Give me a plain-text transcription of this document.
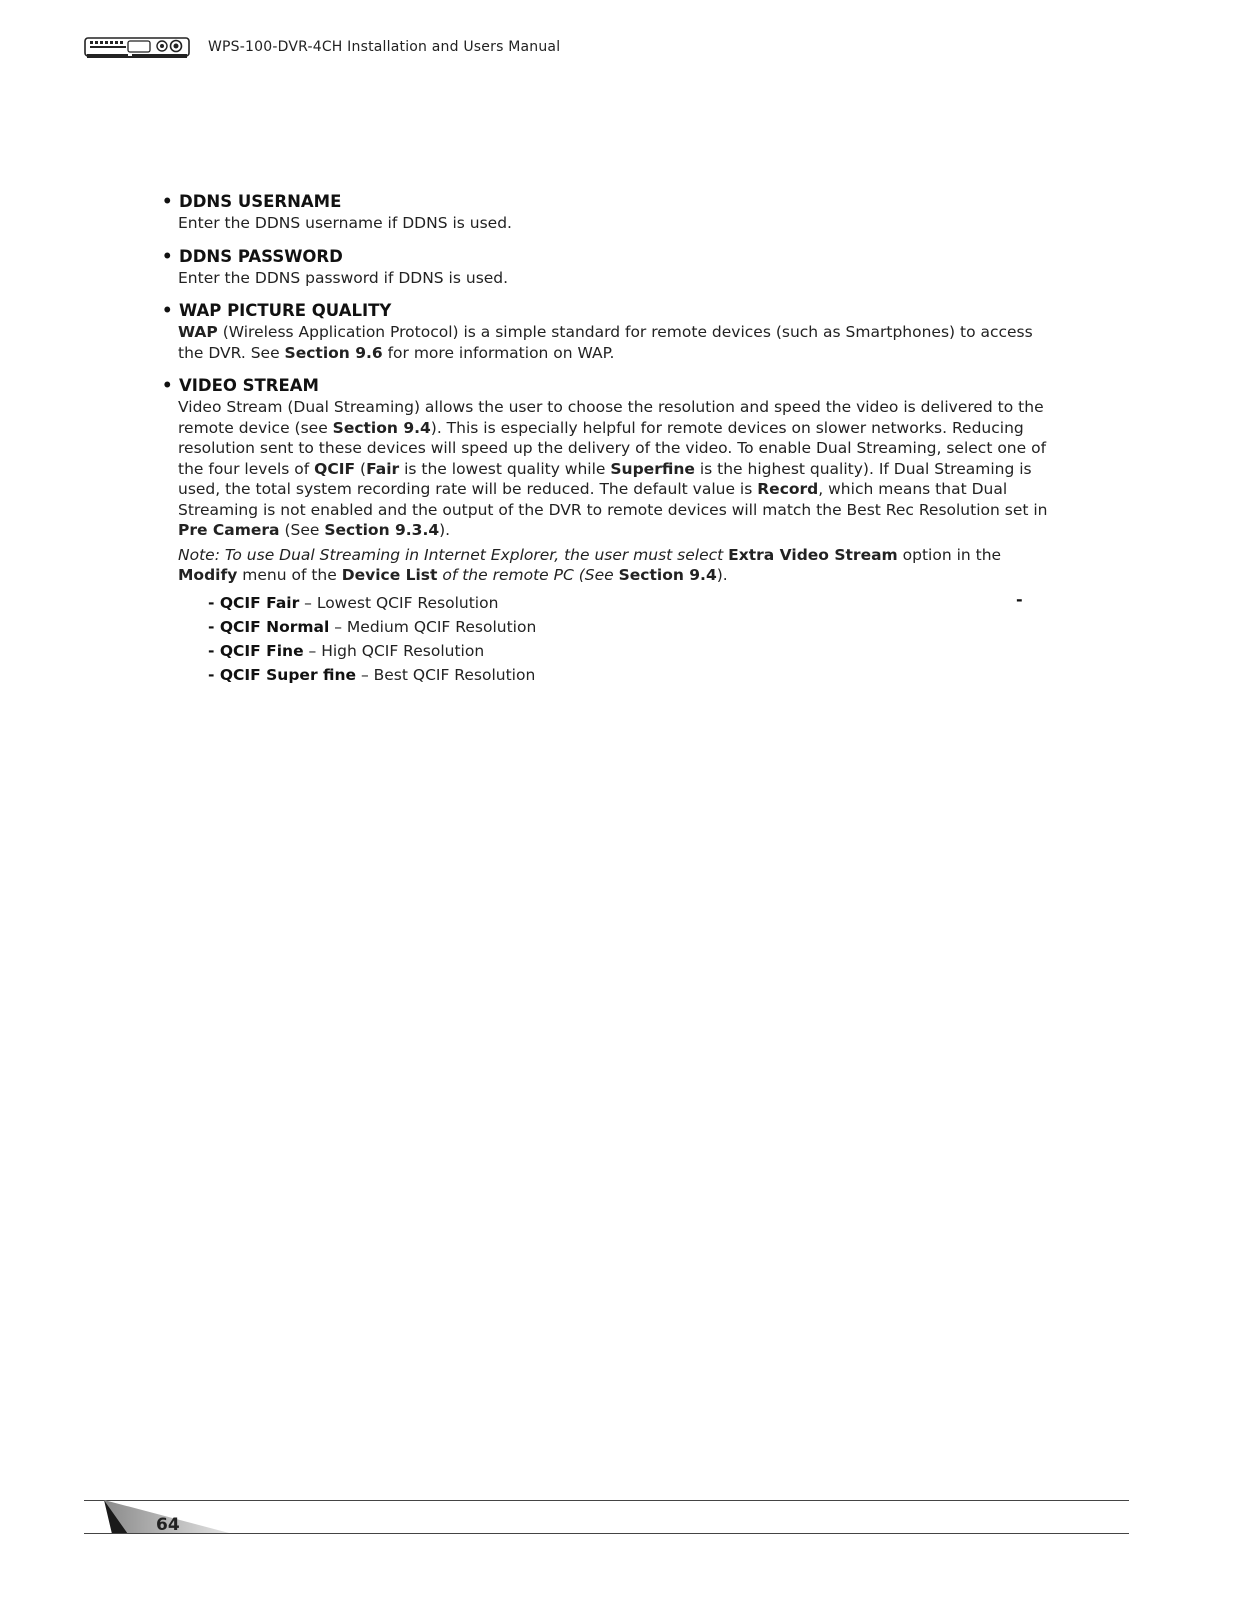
WPS-100-DVR-4CH Installation and Users Manual
• DDNS USERNAME
Enter the DDNS username if DDNS is used.
• DDNS PASSWORD
Enter the DDNS password if DDNS is used.
• WAP PICTURE QUALITY
WAP (Wireless Application Protocol) is a simple standard for remote devices (such as Smartphones) to access the DVR. See Section 9.6 for more information on WAP.
• VIDEO STREAM
Video Stream (Dual Streaming) allows the user to choose the resolution and speed the video is delivered to the remote device (see Section 9.4). This is especially helpful for remote devices on slower networks. Reducing resolution sent to these devices will speed up the delivery of the video. To enable Dual Streaming, select one of the four levels of QCIF (Fair is the lowest quality while Superfine is the highest quality). If Dual Streaming is used, the total system recording rate will be reduced. The default value is Record, which means that Dual Streaming is not enabled and the output of the DVR to remote devices will match the Best Rec Resolution set in Pre Camera (See Section 9.3.4).
Note: To use Dual Streaming in Internet Explorer, the user must select Extra Video Stream option in the Modify menu of the Device List of the remote PC (See Section 9.4).
- QCIF Fair – Lowest QCIF Resolution
- QCIF Normal – Medium QCIF Resolution
- QCIF Fine – High QCIF Resolution
- QCIF Super fine – Best QCIF Resolution
-
64
